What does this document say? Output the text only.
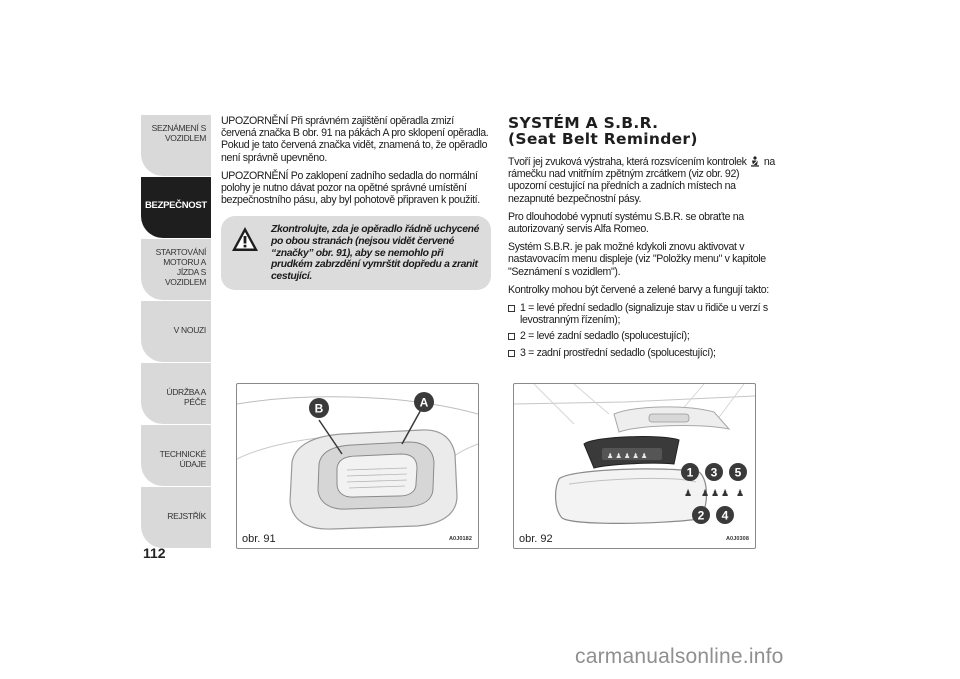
SEZNÁMENÍ S VOZIDLEM
BEZPEČNOST
STARTOVÁNÍ MOTORU A JÍZDA S VOZIDLEM
V NOUZI
ÚDRŽBA A PÉČE
TECHNICKÉ ÚDAJE
REJSTŘÍK
112

UPOZORNĚNÍ Při správném zajištění opěradla zmizí červená značka B obr. 91 na pákách A pro sklopení opěradla. Pokud je tato červená značka vidět, znamená to, že opěradlo není správně upevněno.

UPOZORNĚNÍ Po zaklopení zadního sedadla do normální polohy je nutno dávat pozor na opětné správné umístění bezpečnostního pásu, aby byl pohotově připraven k použití.

Zkontrolujte, zda je opěradlo řádně uchycené po obou stranách (nejsou vidět červené “značky” obr. 91), aby se nemohlo při prudkém zabrzdění vymrštit dopředu a zranit cestující.
SYSTÉM A S.B.R.
(Seat Belt Reminder)

Tvoří jej zvuková výstraha, která rozsvícením kontrolek na rámečku nad vnitřním zpětným zrcátkem (viz obr. 92) upozorní cestující na předních a zadních místech na nezapnuté bezpečnostní pásy.

Pro dlouhodobé vypnutí systému S.B.R. se obraťte na autorizovaný servis Alfa Romeo.

Systém S.B.R. je pak možné kdykoli znovu aktivovat v nastavovacím menu displeje (viz "Položky menu" v kapitole "Seznámení s vozidlem").

Kontrolky mohou být červené a zelené barvy a fungují takto:

1 = levé přední sedadlo (signalizuje stav u řidiče u verzí s levostranným řízením);
2 = levé zadní sedadlo (spolucestující);
3 = zadní prostřední sedadlo (spolucestující);
B	A
obr. 91	A0J0182
♟ ♟ ♟ ♟ ♟
♟ ♟ ♟ ♟ ♟
1 3 5
2 4
obr. 92	A0J0308
carmanualsonline.info
